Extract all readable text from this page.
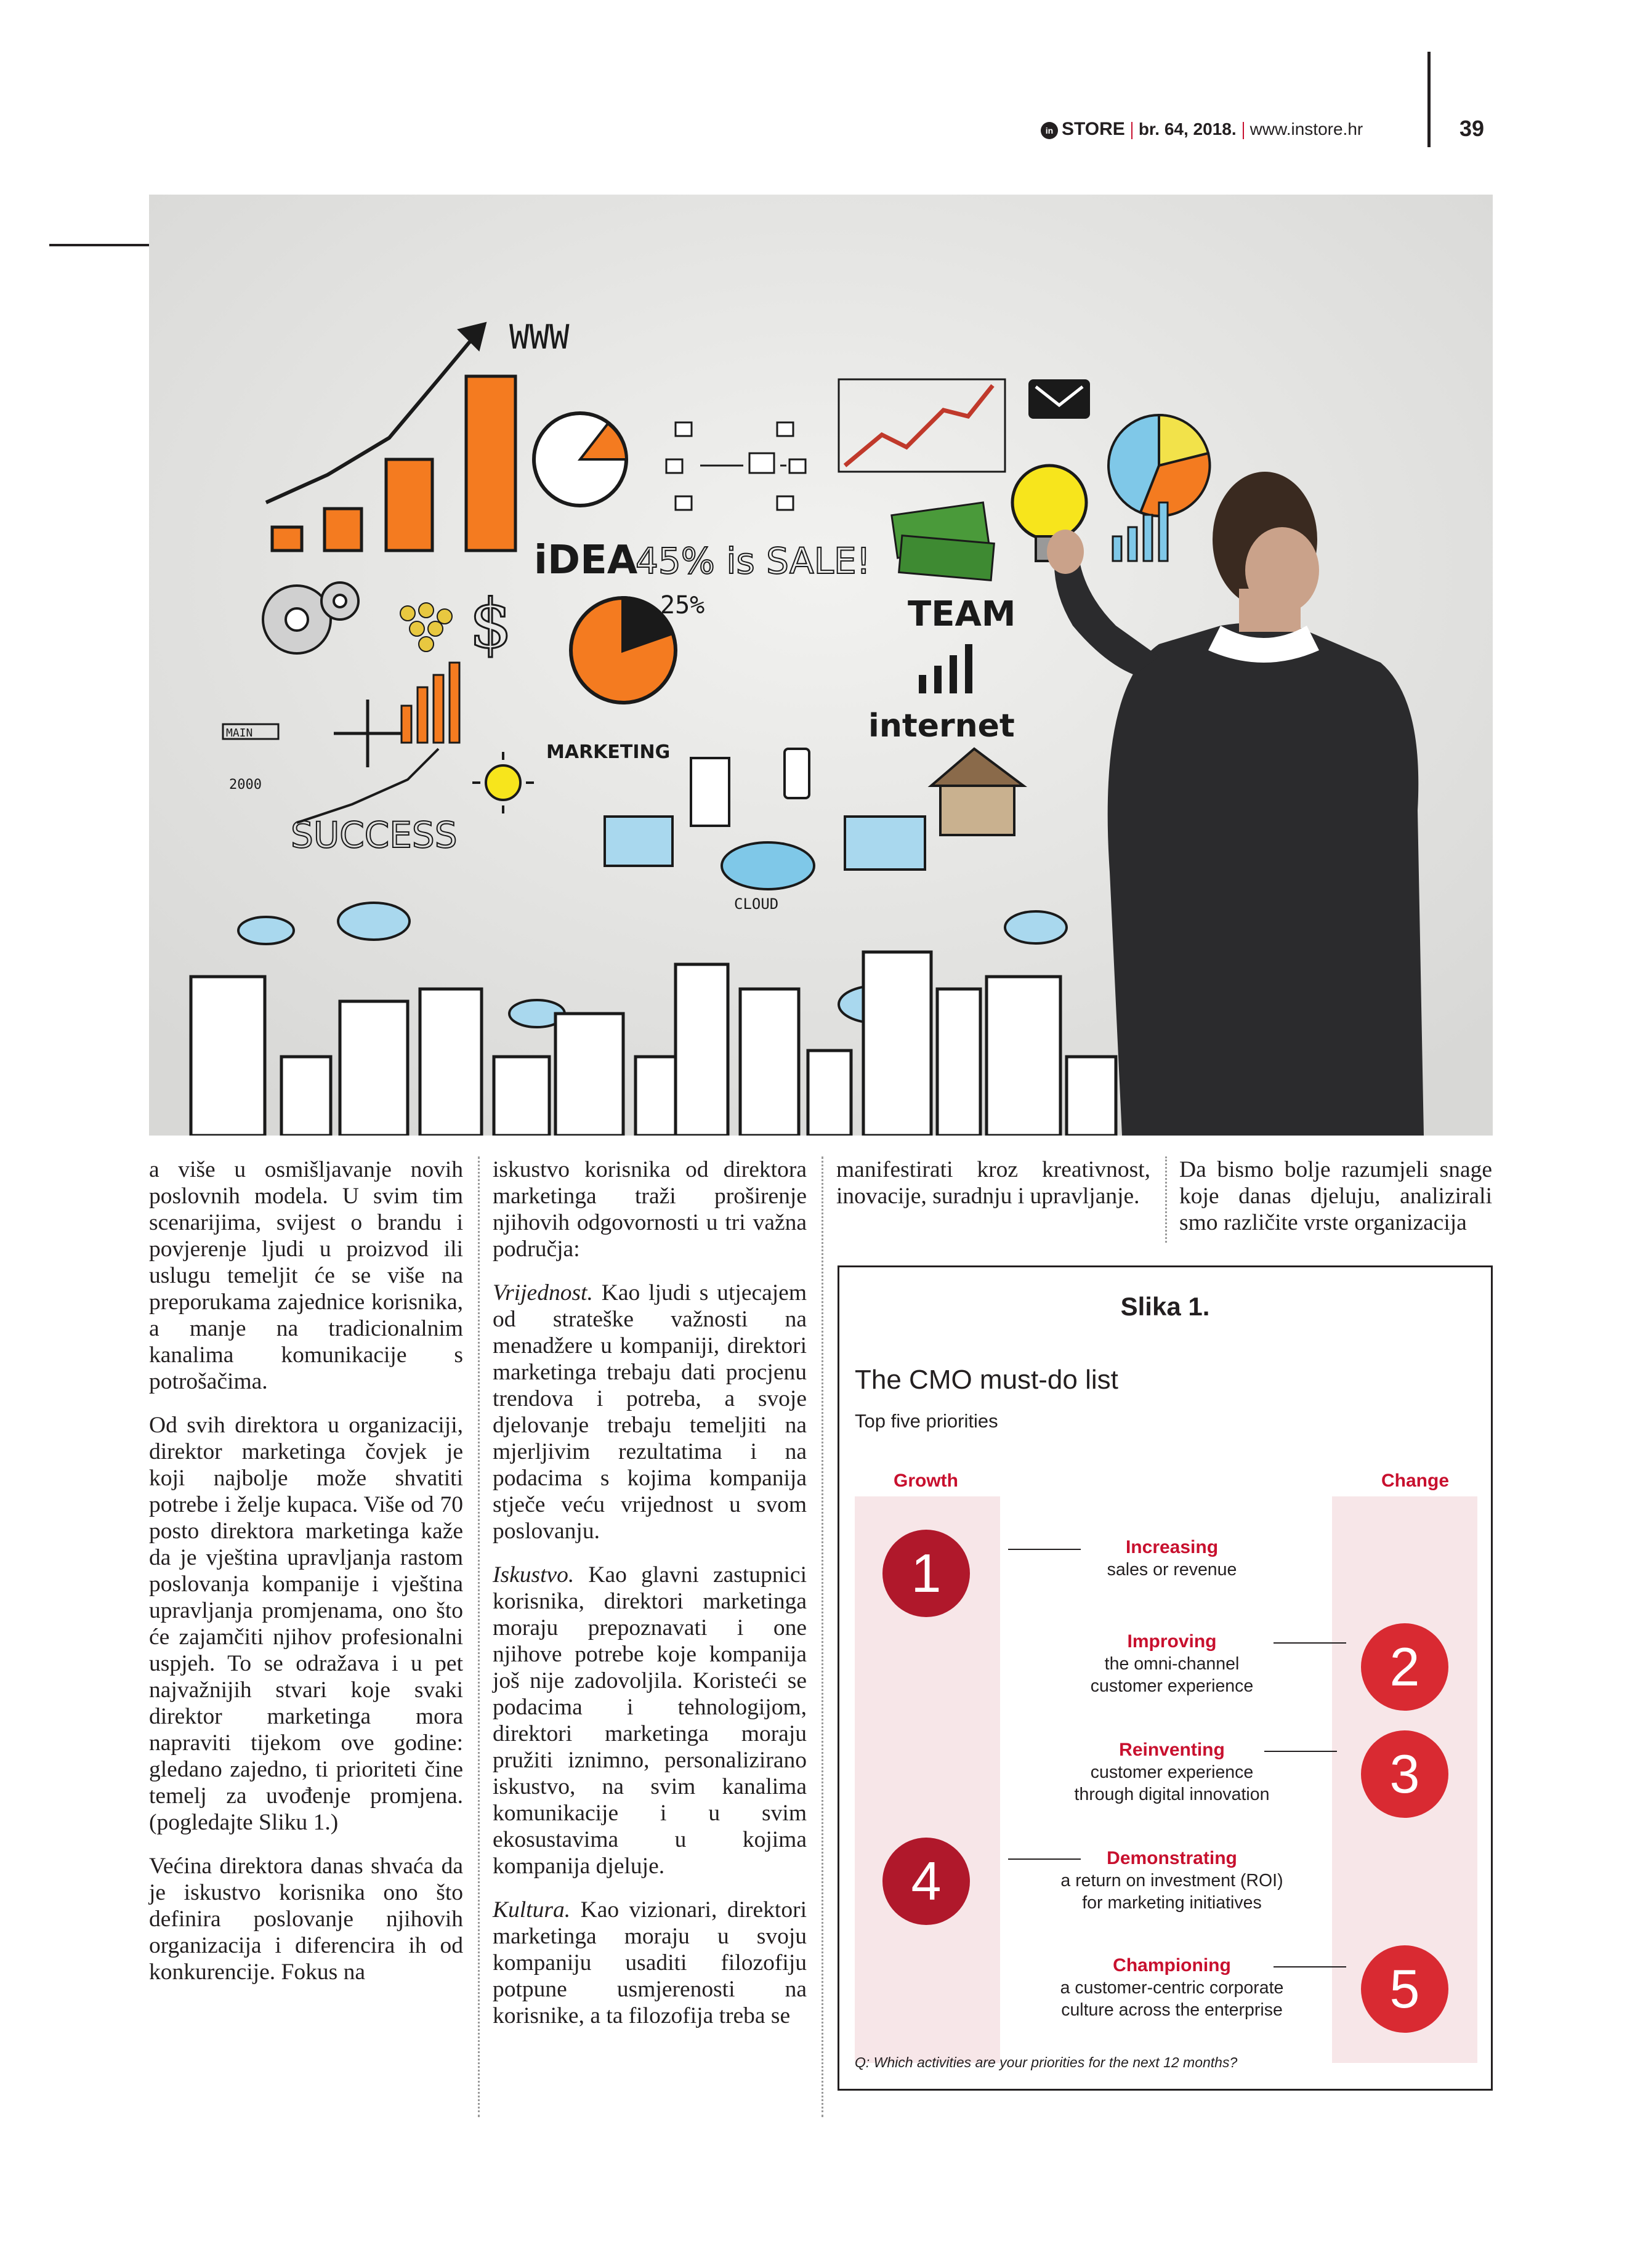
in STORE br. 64, 2018. www.instore.hr	39
WWW
iDEA
45% is SALE!
$	25%	TEAM
internet
MARKETING
MAIN
2000
SUCCESS
CLOUD

a više u osmišljavanje novih poslovnih modela. U svim tim scenarijima, svijest o brandu i povjerenje ljudi u proizvod ili uslugu temeljit će se više na preporukama zajednice korisnika, a manje na tradicionalnim kanalima komunikacije s potrošačima.

Od svih direktora u organizaciji, direktor marketinga čovjek je koji najbolje može shvatiti potrebe i želje kupaca. Više od 70 posto direktora marketinga kaže da je vještina upravljanja rastom poslovanja kompanije i vještina upravljanja promjenama, ono što će zajamčiti njihov profesionalni uspjeh. To se odražava i u pet najvažnijih stvari koje svaki direktor marketinga mora napraviti tijekom ove godine: gledano zajedno, ti prioriteti čine temelj za uvođenje promjena. (pogledajte Sliku 1.)

Većina direktora danas shvaća da je iskustvo korisnika ono što definira poslovanje njihovih organizacija i diferencira ih od konkurencije. Fokus na

iskustvo korisnika od direktora marketinga traži proširenje njihovih odgovornosti u tri važna područja:

Vrijednost. Kao ljudi s utjecajem od strateške važnosti na menadžere u kompaniji, direktori marketinga trebaju dati procjenu trendova i potreba, a svoje djelovanje trebaju temeljiti na mjerljivim rezultatima i na podacima s kojima kompanija stječe veću vrijednost u svom poslovanju.

Iskustvo. Kao glavni zastupnici korisnika, direktori marketinga moraju prepoznavati i one njihove potrebe koje kompanija još nije zadovoljila. Koristeći se podacima i tehnologijom, direktori marketinga moraju pružiti iznimno, personalizirano iskustvo, na svim kanalima komunikacije i u svim ekosustavima u kojima kompanija djeluje.

Kultura. Kao vizionari, direktori marketinga moraju u svoju kompaniju usaditi filozofiju potpune usmjerenosti na korisnike, a ta filozofija treba se

manifestirati kroz kreativnost, inovacije, suradnju i upravljanje.

Da bismo bolje razumjeli snage koje danas djeluju, analizirali smo različite vrste organizacija

Slika 1.
The CMO must-do list
Top five priorities
Growth	Change
1	Increasing
sales or revenue
2
Improving
the omni-channel
customer experience
3
Reinventing
customer experience
through digital innovation
4	Demonstrating
a return on investment (ROI)
for marketing initiatives
5
Championing
a customer-centric corporate
culture across the enterprise
Q: Which activities are your priorities for the next 12 months?
